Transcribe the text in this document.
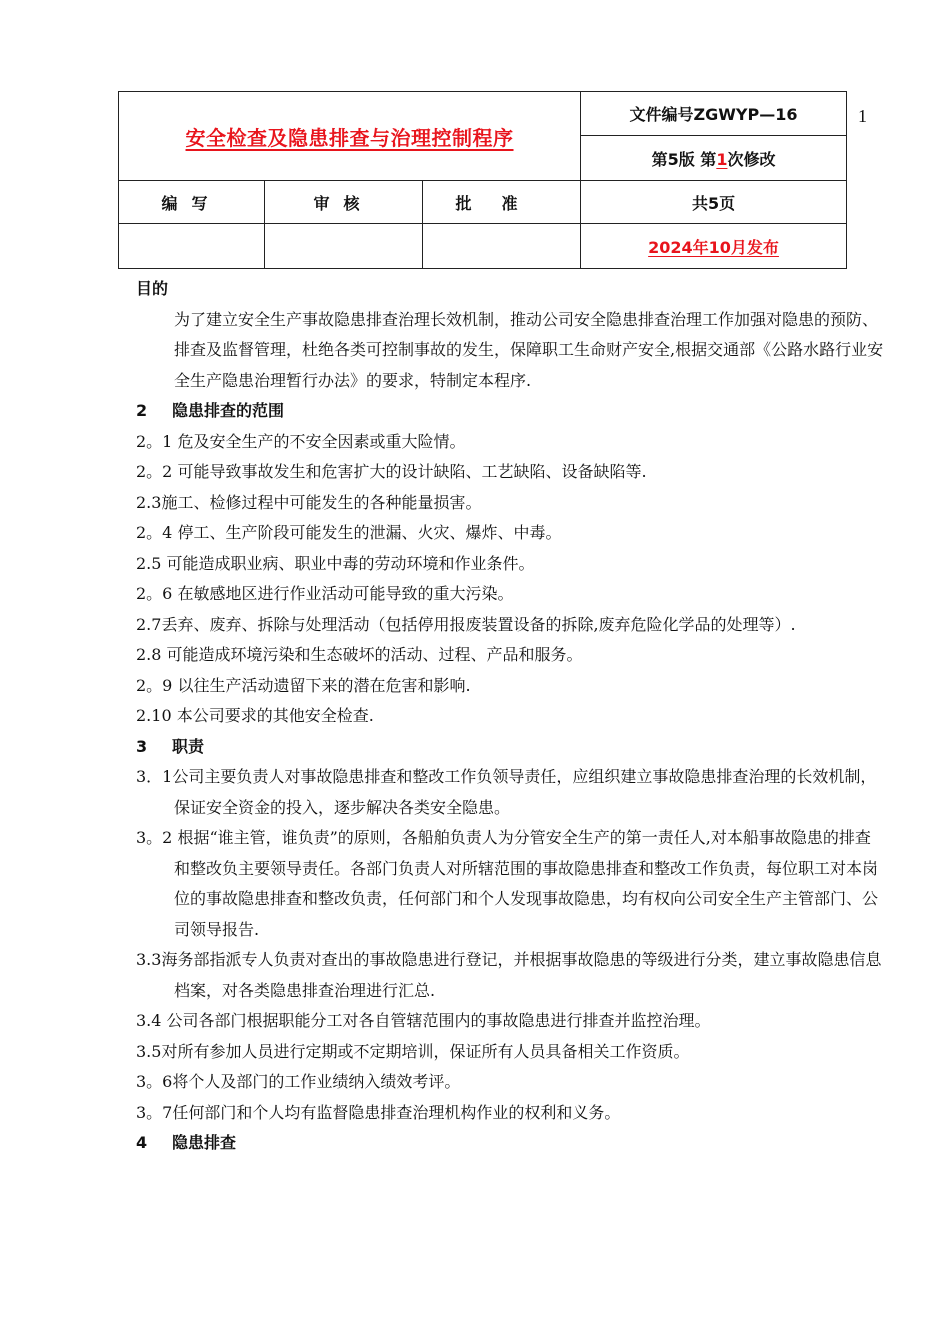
1
安全检查及隐患排查与治理控制程序			文件编号ZGWYP—16
			第5版 第1次修改
编写	审核	批准	共5页
			2024年10月发布
目的

为了建立安全生产事故隐患排查治理长效机制，推动公司安全隐患排查治理工作加强对隐患的预防、排查及监督管理，杜绝各类可控制事故的发生，保障职工生命财产安全,根据交通部《公路水路行业安全生产隐患治理暂行办法》的要求，特制定本程序.

2 隐患排查的范围

2。1 危及安全生产的不安全因素或重大险情。

2。2 可能导致事故发生和危害扩大的设计缺陷、工艺缺陷、设备缺陷等.

2.3施工、检修过程中可能发生的各种能量损害。

2。4 停工、生产阶段可能发生的泄漏、火灾、爆炸、中毒。

2.5 可能造成职业病、职业中毒的劳动环境和作业条件。

2。6 在敏感地区进行作业活动可能导致的重大污染。

2.7丢弃、废弃、拆除与处理活动（包括停用报废装置设备的拆除,废弃危险化学品的处理等）.

2.8 可能造成环境污染和生态破坏的活动、过程、产品和服务。

2。9 以往生产活动遗留下来的潜在危害和影响.

2.10 本公司要求的其他安全检查.

3 职责

3．1公司主要负责人对事故隐患排查和整改工作负领导责任，应组织建立事故隐患排查治理的长效机制，保证安全资金的投入，逐步解决各类安全隐患。

3。2 根据“谁主管，谁负责”的原则，各船舶负责人为分管安全生产的第一责任人,对本船事故隐患的排查和整改负主要领导责任。各部门负责人对所辖范围的事故隐患排查和整改工作负责，每位职工对本岗位的事故隐患排查和整改负责，任何部门和个人发现事故隐患，均有权向公司安全生产主管部门、公司领导报告.

3.3海务部指派专人负责对查出的事故隐患进行登记，并根据事故隐患的等级进行分类，建立事故隐患信息档案，对各类隐患排查治理进行汇总.

3.4 公司各部门根据职能分工对各自管辖范围内的事故隐患进行排查并监控治理。

3.5对所有参加人员进行定期或不定期培训，保证所有人员具备相关工作资质。

3。6将个人及部门的工作业绩纳入绩效考评。

3。7任何部门和个人均有监督隐患排查治理机构作业的权利和义务。

4 隐患排查
